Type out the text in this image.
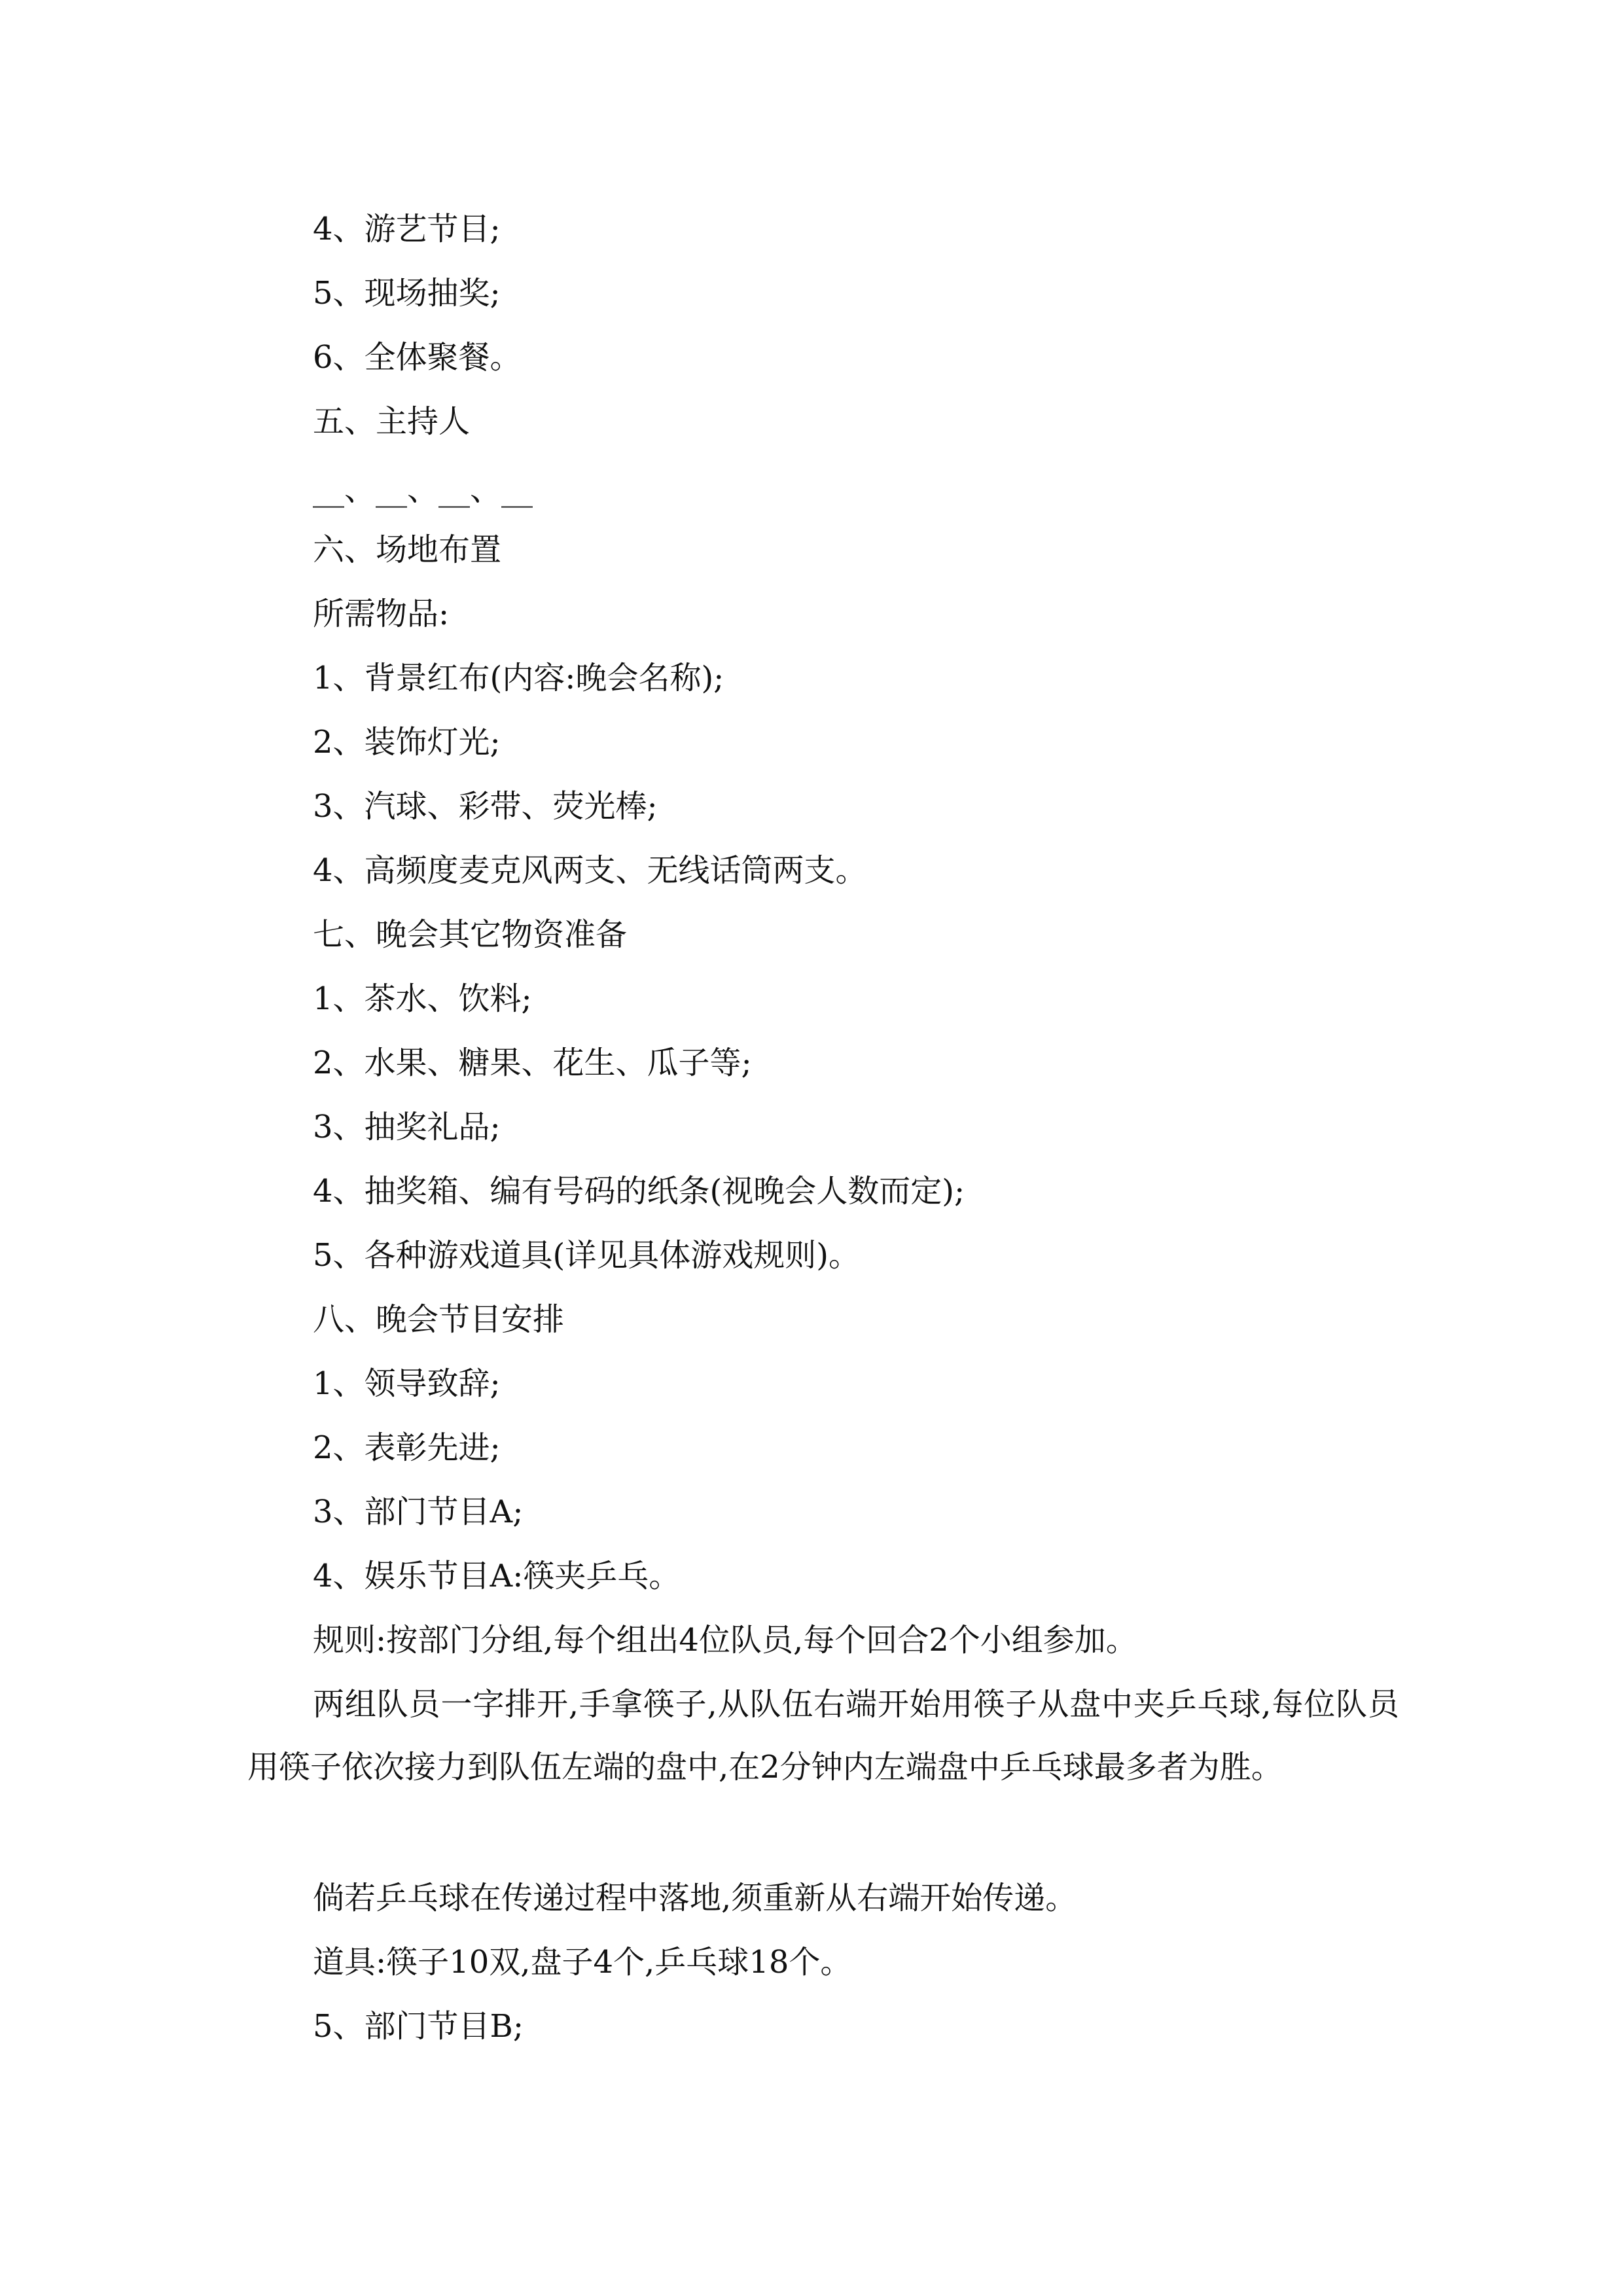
4、游艺节目;

5、现场抽奖;

6、全体聚餐。

五、主持人

__、__、__、__

六、场地布置

所需物品:

1、背景红布(内容:晚会名称);

2、装饰灯光;

3、汽球、彩带、荧光棒;

4、高频度麦克风两支、无线话筒两支。

七、晚会其它物资准备

1、茶水、饮料;

2、水果、糖果、花生、瓜子等;

3、抽奖礼品;

4、抽奖箱、编有号码的纸条(视晚会人数而定);

5、各种游戏道具(详见具体游戏规则)。

八、晚会节目安排

1、领导致辞;

2、表彰先进;

3、部门节目A;

4、娱乐节目A:筷夹乒乓。

规则:按部门分组,每个组出4位队员,每个回合2个小组参加。

两组队员一字排开,手拿筷子,从队伍右端开始用筷子从盘中夹乒乓球,每位队员用筷子依次接力到队伍左端的盘中,在2分钟内左端盘中乒乓球最多者为胜。

倘若乒乓球在传递过程中落地,须重新从右端开始传递。

道具:筷子10双,盘子4个,乒乓球18个。

5、部门节目B;
